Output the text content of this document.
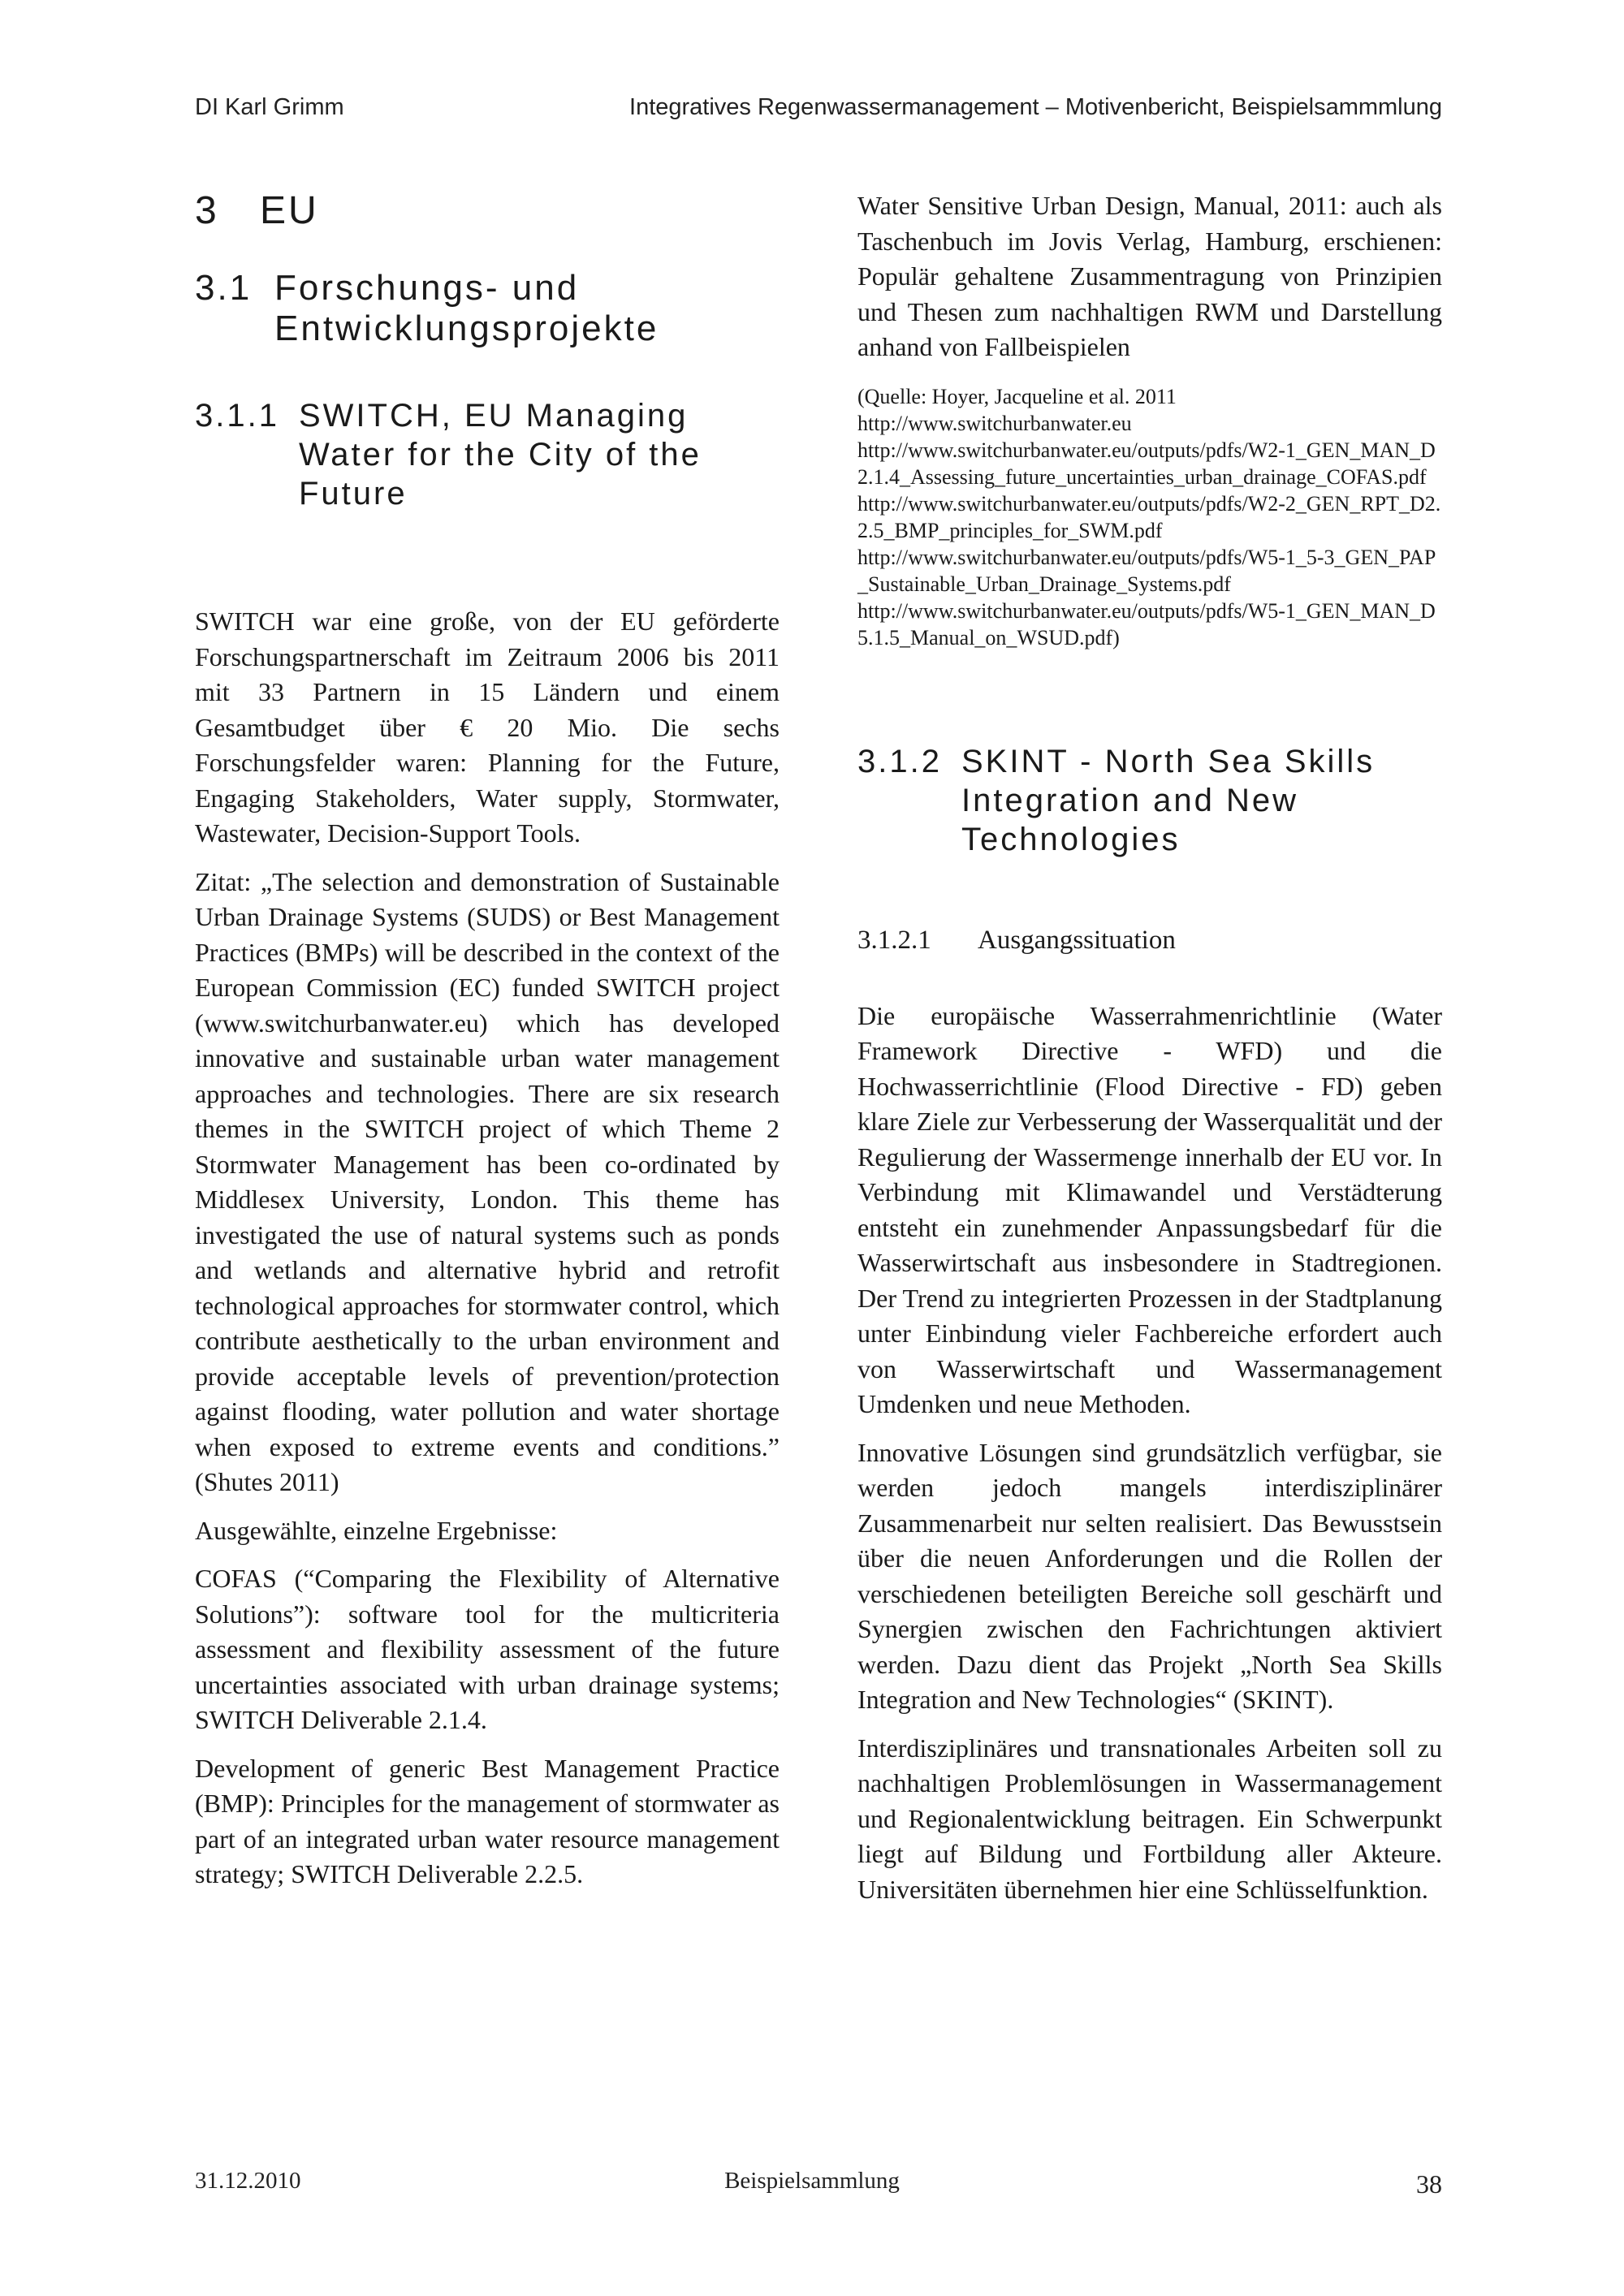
DI Karl Grimm	Integratives Regenwassermanagement – Motivenbericht, Beispielsammmlung
3	EU
3.1 Forschungs- und Entwicklungsprojekte
3.1.1 SWITCH, EU Managing Water for the City of the Future

SWITCH war eine große, von der EU geförderte Forschungspartnerschaft im Zeitraum 2006 bis 2011 mit 33 Partnern in 15 Ländern und einem Gesamtbudget über € 20 Mio. Die sechs Forschungsfelder waren: Planning for the Future, Engaging Stakeholders, Water supply, Stormwater, Wastewater, Decision-Support Tools.

Zitat: „The selection and demonstration of Sustainable Urban Drainage Systems (SUDS) or Best Management Practices (BMPs) will be described in the context of the European Commission (EC) funded SWITCH project (www.switchurbanwater.eu) which has developed innovative and sustainable urban water management approaches and technologies. There are six research themes in the SWITCH project of which Theme 2 Stormwater Management has been co-ordinated by Middlesex University, London. This theme has investigated the use of natural systems such as ponds and wetlands and alternative hybrid and retrofit technological approaches for stormwater control, which contribute aesthetically to the urban environment and provide acceptable levels of prevention/protection against flooding, water pollution and water shortage when exposed to extreme events and conditions.” (Shutes 2011)

Ausgewählte, einzelne Ergebnisse:

COFAS (“Comparing the Flexibility of Alternative Solutions”): software tool for the multicriteria assessment and flexibility assessment of the future uncertainties associated with urban drainage systems; SWITCH Deliverable 2.1.4.

Development of generic Best Management Practice (BMP): Principles for the management of stormwater as part of an integrated urban water resource management strategy; SWITCH Deliverable 2.2.5.

Water Sensitive Urban Design, Manual, 2011: auch als Taschenbuch im Jovis Verlag, Hamburg, erschienen: Populär gehaltene Zusammentragung von Prinzipien und Thesen zum nachhaltigen RWM und Darstellung anhand von Fallbeispielen

(Quelle: Hoyer, Jacqueline et al. 2011

http://www.switchurbanwater.eu

http://www.switchurbanwater.eu/outputs/pdfs/W2-1_GEN_MAN_D2.1.4_Assessing_future_uncertainties_urban_drainage_COFAS.pdf

http://www.switchurbanwater.eu/outputs/pdfs/W2-2_GEN_RPT_D2.2.5_BMP_principles_for_SWM.pdf

http://www.switchurbanwater.eu/outputs/pdfs/W5-1_5-3_GEN_PAP_Sustainable_Urban_Drainage_Systems.pdf

http://www.switchurbanwater.eu/outputs/pdfs/W5-1_GEN_MAN_D5.1.5_Manual_on_WSUD.pdf)

3.1.2 SKINT - North Sea Skills Integration and New Technologies
3.1.2.1	Ausgangssituation

Die europäische Wasserrahmenrichtlinie (Water Framework Directive - WFD) und die Hochwasserrichtlinie (Flood Directive - FD) geben klare Ziele zur Verbesserung der Wasserqualität und der Regulierung der Wassermenge innerhalb der EU vor. In Verbindung mit Klimawandel und Verstädterung entsteht ein zunehmender Anpassungsbedarf für die Wasserwirtschaft aus insbesondere in Stadtregionen. Der Trend zu integrierten Prozessen in der Stadtplanung unter Einbindung vieler Fachbereiche erfordert auch von Wasserwirtschaft und Wassermanagement Umdenken und neue Methoden.

Innovative Lösungen sind grundsätzlich verfügbar, sie werden jedoch mangels interdisziplinärer Zusammenarbeit nur selten realisiert. Das Bewusstsein über die neuen Anforderungen und die Rollen der verschiedenen beteiligten Bereiche soll geschärft und Synergien zwischen den Fachrichtungen aktiviert werden. Dazu dient das Projekt „North Sea Skills Integration and New Technologies“ (SKINT).

Interdisziplinäres und transnationales Arbeiten soll zu nachhaltigen Problemlösungen in Wassermanagement und Regionalentwicklung beitragen. Ein Schwerpunkt liegt auf Bildung und Fortbildung aller Akteure. Universitäten übernehmen hier eine Schlüsselfunktion.

31.12.2010	Beispielsammlung	38
